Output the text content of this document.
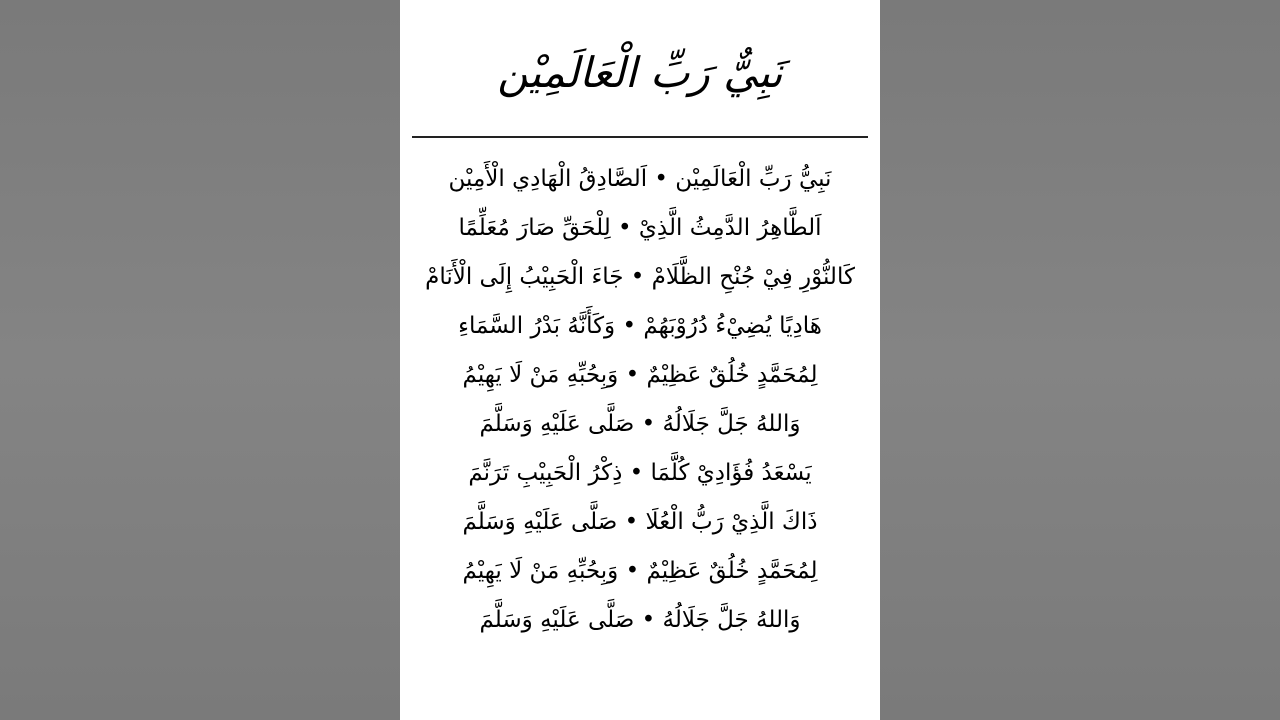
نَبِيٌّ رَبِّ الْعَالَمِيْن
نَبِيُّ رَبِّ الْعَالَمِيْن • اَلصَّادِقُ الْهَادِي الْأَمِيْن
اَلطَّاهِرُ الدَّمِثُ الَّذِيْ • لِلْحَقِّ صَارَ مُعَلِّمًا
كَالنُّوْرِ فِيْ جُنْحِ الظَّلَامْ • جَاءَ الْحَبِيْبُ إِلَى الْأَنَامْ
هَادِيًا يُضِيْءُ دُرُوْبَهُمْ • وَكَأَنَّهُ بَدْرُ السَّمَاءِ
لِمُحَمَّدٍ خُلُقٌ عَظِيْمٌ • وَبِحُبِّهِ مَنْ لَا يَهِيْمُ
وَاللهُ جَلَّ جَلَالُهُ • صَلَّى عَلَيْهِ وَسَلَّمَ
يَسْعَدُ فُؤَادِيْ كُلَّمَا • ذِكْرُ الْحَبِيْبِ تَرَنَّمَ
ذَاكَ الَّذِيْ رَبُّ الْعُلَا • صَلَّى عَلَيْهِ وَسَلَّمَ
لِمُحَمَّدٍ خُلُقٌ عَظِيْمٌ • وَبِحُبِّهِ مَنْ لَا يَهِيْمُ
وَاللهُ جَلَّ جَلَالُهُ • صَلَّى عَلَيْهِ وَسَلَّمَ
